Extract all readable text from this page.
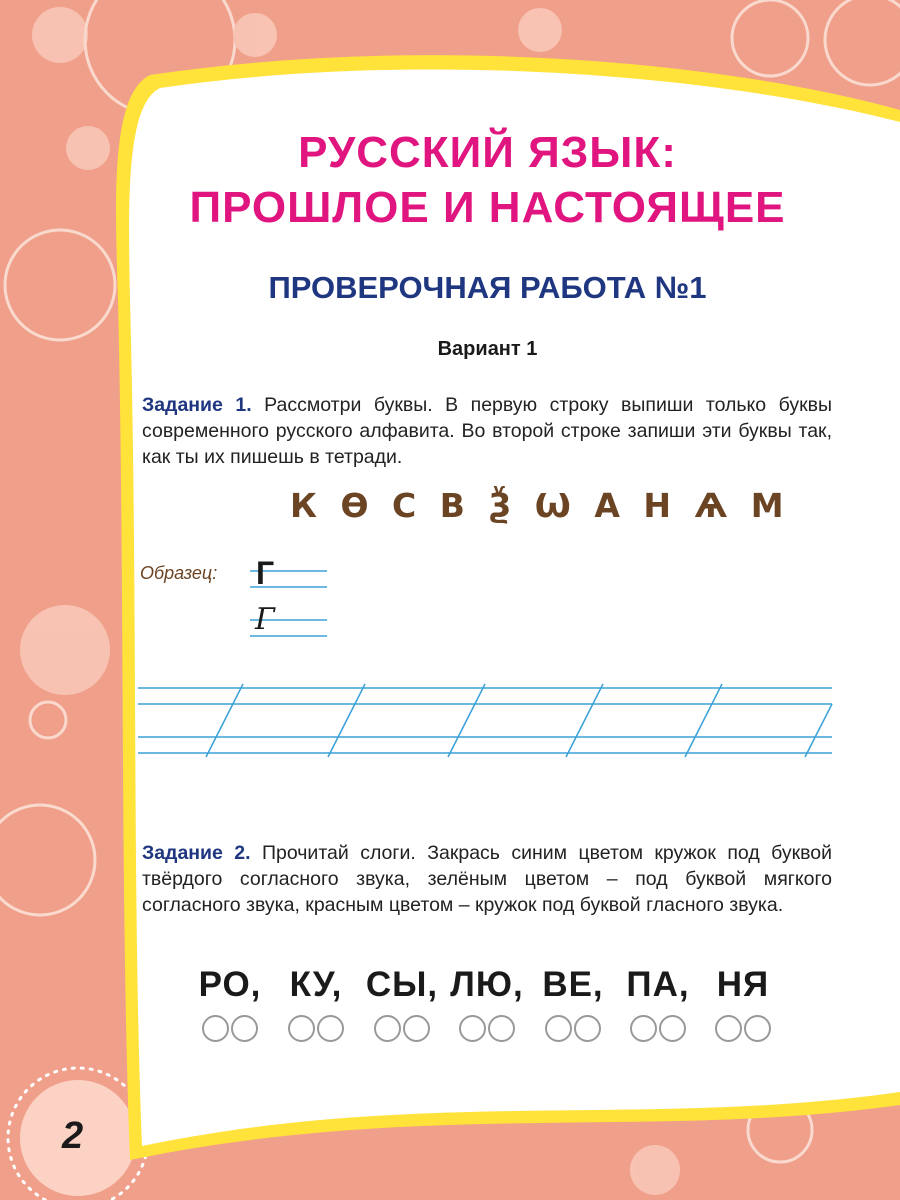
РУССКИЙ ЯЗЫК:
ПРОШЛОЕ И НАСТОЯЩЕЕ
ПРОВЕРОЧНАЯ РАБОТА №1
Вариант 1
Задание 1. Рассмотри буквы. В первую строку выпиши только буквы современного русского алфавита. Во второй строке запиши эти буквы так, как ты их пишешь в тетради.
К Ѳ С В Ѯ Ѡ А Н Ѧ М
Образец: Г
Г
Задание 2. Прочитай слоги. Закрась синим цветом кружок под буквой твёрдого согласного звука, зелёным цветом – под буквой мягкого согласного звука, красным цветом – кружок под буквой гласного звука.
РО, КУ, СЫ, ЛЮ, ВЕ, ПА, НЯ
2
